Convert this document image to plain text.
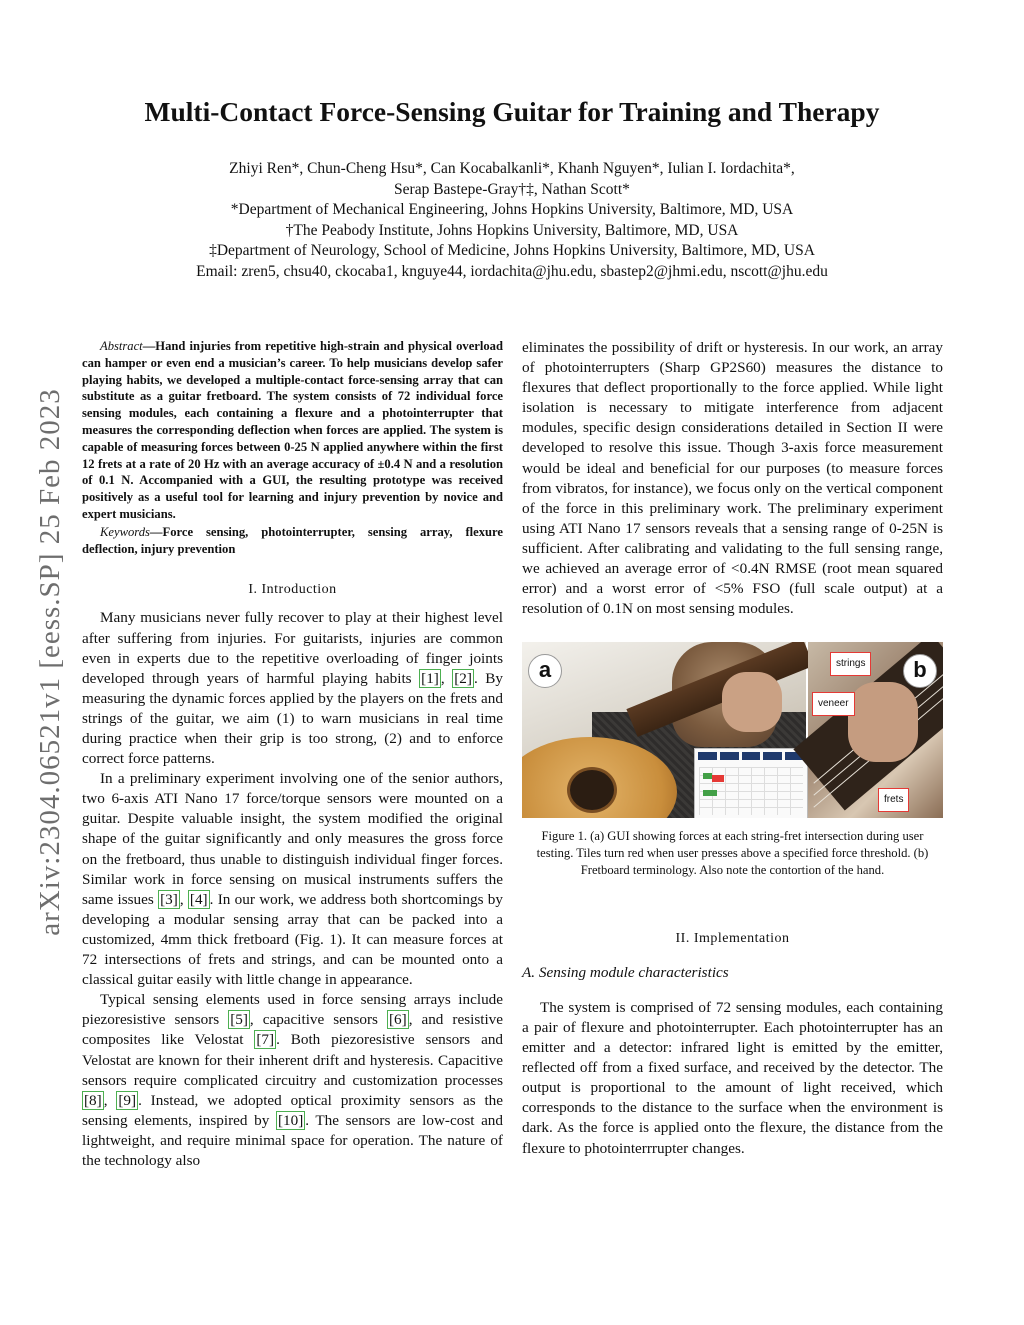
arXiv:2304.06521v1 [eess.SP] 25 Feb 2023
Multi-Contact Force-Sensing Guitar for Training and Therapy
Zhiyi Ren*, Chun-Cheng Hsu*, Can Kocabalkanli*, Khanh Nguyen*, Iulian I. Iordachita*,
Serap Bastepe-Gray†‡, Nathan Scott*
*Department of Mechanical Engineering, Johns Hopkins University, Baltimore, MD, USA
†The Peabody Institute, Johns Hopkins University, Baltimore, MD, USA
‡Department of Neurology, School of Medicine, Johns Hopkins University, Baltimore, MD, USA
Email: zren5, chsu40, ckocaba1, knguye44, iordachita@jhu.edu, sbastep2@jhmi.edu, nscott@jhu.edu

Abstract—Hand injuries from repetitive high-strain and physical overload can hamper or even end a musician’s career. To help musicians develop safer playing habits, we developed a multiple-contact force-sensing array that can substitute as a guitar fretboard. The system consists of 72 individual force sensing modules, each containing a flexure and a photointerrupter that measures the corresponding deflection when forces are applied. The system is capable of measuring forces between 0-25 N applied anywhere within the first 12 frets at a rate of 20 Hz with an average accuracy of ±0.4 N and a resolution of 0.1 N. Accompanied with a GUI, the resulting prototype was received positively as a useful tool for learning and injury prevention by novice and expert musicians.

Keywords—Force sensing, photointerrupter, sensing array, flexure deflection, injury prevention

I. Introduction

Many musicians never fully recover to play at their highest level after suffering from injuries. For guitarists, injuries are common even in experts due to the repetitive overloading of finger joints developed through years of harmful playing habits [1] , [2] . By measuring the dynamic forces applied by the players on the frets and strings of the guitar, we aim (1) to warn musicians in real time during practice when their grip is too strong, (2) and to enforce correct force patterns.

In a preliminary experiment involving one of the senior authors, two 6-axis ATI Nano 17 force/torque sensors were mounted on a guitar. Despite valuable insight, the system modified the original shape of the guitar significantly and only measures the gross force on the fretboard, thus unable to distinguish individual finger forces. Similar work in force sensing on musical instruments suffers the same issues [3] , [4] . In our work, we address both shortcomings by developing a modular sensing array that can be packed into a customized, 4mm thick fretboard (Fig. 1). It can measure forces at 72 intersections of frets and strings, and can be mounted onto a classical guitar easily with little change in appearance.

Typical sensing elements used in force sensing arrays include piezoresistive sensors [5] , capacitive sensors [6] , and resistive composites like Velostat [7] . Both piezoresistive sensors and Velostat are known for their inherent drift and hysteresis. Capacitive sensors require complicated circuitry and customization processes [8] , [9] . Instead, we adopted optical proximity sensors as the sensing elements, inspired by [10] . The sensors are low-cost and lightweight, and require minimal space for operation. The nature of the technology also

eliminates the possibility of drift or hysteresis. In our work, an array of photointerrupters (Sharp GP2S60) measures the distance to flexures that deflect proportionally to the force applied. While light isolation is necessary to mitigate interference from adjacent modules, specific design considerations detailed in Section II were developed to resolve this issue. Though 3-axis force measurement would be ideal and beneficial for our purposes (to measure forces from vibratos, for instance), we focus only on the vertical component of the force in this preliminary work. The preliminary experiment using ATI Nano 17 sensors reveals that a sensing range of 0-25N is sufficient. After calibrating and validating to the full sensing range, we achieved an average error of <0.4N RMSE (root mean squared error) and a worst error of <5% FSO (full scale output) at a resolution of 0.1N on most sensing modules.

a	strings
veneer
frets
b
Figure 1. (a) GUI showing forces at each string-fret intersection during user testing. Tiles turn red when user presses above a specified force threshold. (b) Fretboard terminology. Also note the contortion of the hand.
II. Implementation
A. Sensing module characteristics

The system is comprised of 72 sensing modules, each containing a pair of flexure and photointerrupter. Each photointerrupter has an emitter and a detector: infrared light is emitted by the emitter, reflected off from a fixed surface, and received by the detector. The output is proportional to the amount of light received, which corresponds to the distance to the surface when the environment is dark. As the force is applied onto the flexure, the distance from the flexure to photointerrrupter changes.
